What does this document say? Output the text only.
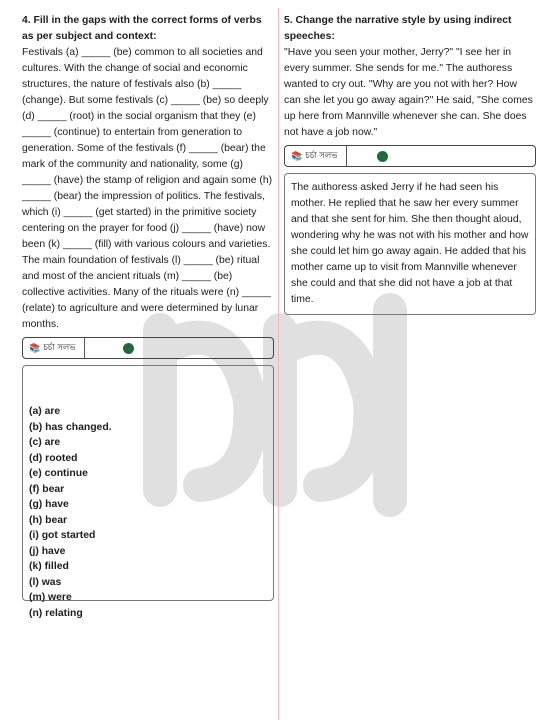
4. Fill in the gaps with the correct forms of verbs as per subject and context:

Festivals (a) _____ (be) common to all societies and cultures. With the change of social and economic structures, the nature of festivals also (b) _____ (change). But some festivals (c) _____ (be) so deeply (d) _____ (root) in the social organism that they (e) _____ (continue) to entertain from generation to generation. Some of the festivals (f) _____ (bear) the mark of the community and nationality, some (g) _____ (have) the stamp of religion and again some (h) _____ (bear) the impression of politics. The festivals, which (i) _____ (get started) in the primitive society centering on the prayer for food (j) _____ (have) now been (k) _____ (fill) with various colours and varieties. The main foundation of festivals (l) _____ (be) ritual and most of the ancient rituals (m) _____ (be) collective activities. Many of the rituals were (n) _____ (relate) to agriculture and were determined by lunar months.

📚 চর্চা সলভ
(a) are
(b) has changed.
(c) are
(d) rooted
(e) continue
(f) bear
(g) have
(h) bear
(i) got started
(j) have
(k) filled
(l) was
(m) were
(n) relating

5. Change the narrative style by using indirect speeches:

"Have you seen your mother, Jerry?" "I see her in every summer. She sends for me." The authoress wanted to cry out. "Why are you not with her? How can she let you go away again?" He said, "She comes up here from Mannville whenever she can. She does not have a job now."

📚 চর্চা সলভ

The authoress asked Jerry if he had seen his mother. He replied that he saw her every summer and that she sent for him. She then thought aloud, wondering why he was not with his mother and how she could let him go away again. He added that his mother came up to visit from Mannville whenever she could and that she did not have a job at that time.
